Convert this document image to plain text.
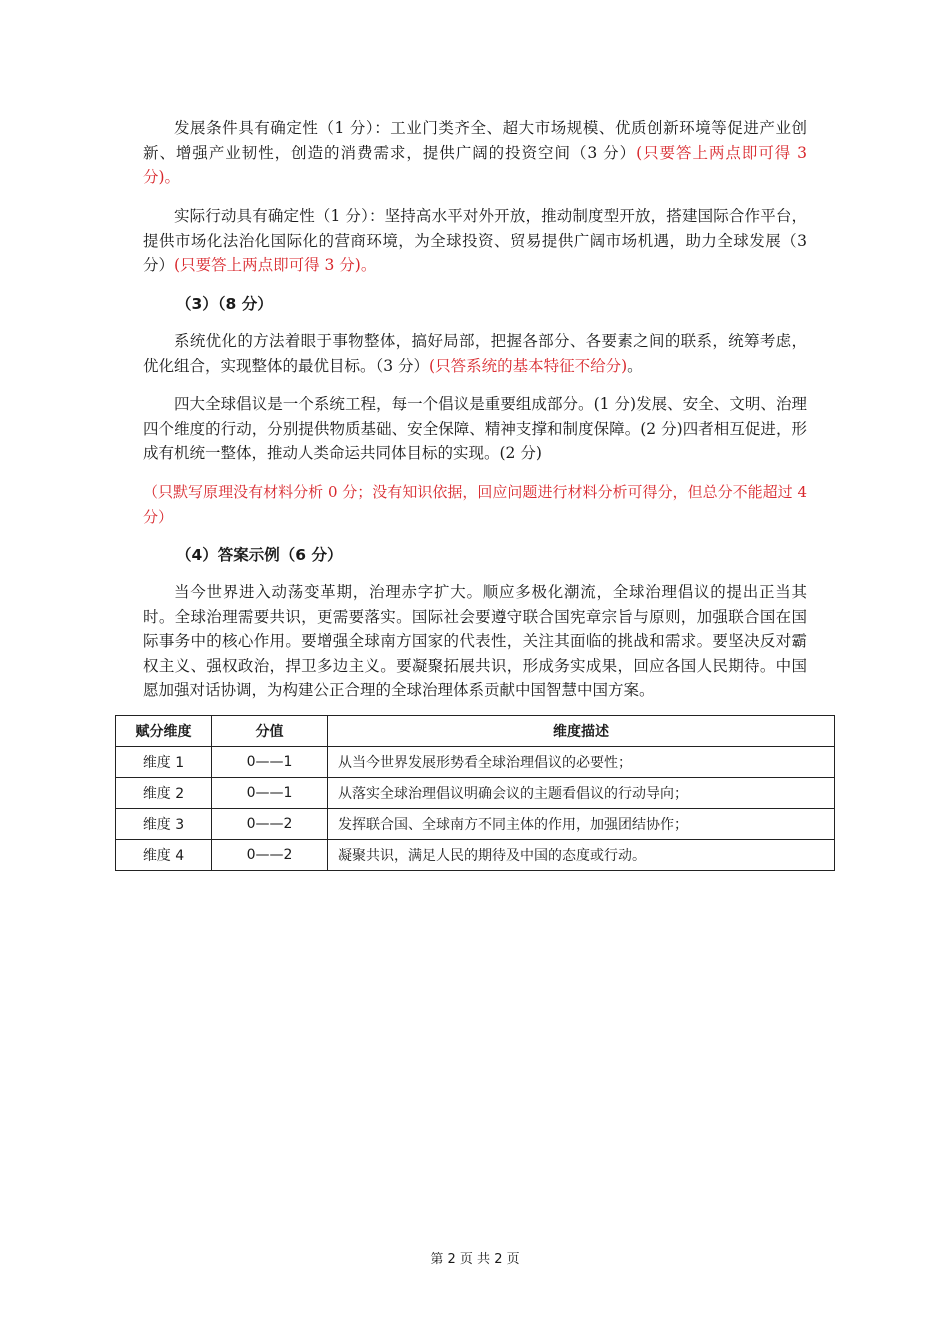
发展条件具有确定性（1 分）：工业门类齐全、超大市场规模、优质创新环境等促进产业创新、增强产业韧性，创造的消费需求，提供广阔的投资空间（3 分）(只要答上两点即可得 3 分)。

实际行动具有确定性（1 分）：坚持高水平对外开放，推动制度型开放，搭建国际合作平台，提供市场化法治化国际化的营商环境，为全球投资、贸易提供广阔市场机遇，助力全球发展（3 分）(只要答上两点即可得 3 分)。

（3）（8 分）

系统优化的方法着眼于事物整体，搞好局部，把握各部分、各要素之间的联系，统筹考虑，优化组合，实现整体的最优目标。（3 分）(只答系统的基本特征不给分)。

四大全球倡议是一个系统工程，每一个倡议是重要组成部分。(1 分)发展、安全、文明、治理四个维度的行动，分别提供物质基础、安全保障、精神支撑和制度保障。(2 分)四者相互促进，形成有机统一整体，推动人类命运共同体目标的实现。(2 分)

（只默写原理没有材料分析 0 分；没有知识依据，回应问题进行材料分析可得分，但总分不能超过 4 分）

（4）答案示例（6 分）

当今世界进入动荡变革期，治理赤字扩大。顺应多极化潮流，全球治理倡议的提出正当其时。全球治理需要共识，更需要落实。国际社会要遵守联合国宪章宗旨与原则，加强联合国在国际事务中的核心作用。要增强全球南方国家的代表性，关注其面临的挑战和需求。要坚决反对霸权主义、强权政治，捍卫多边主义。要凝聚拓展共识，形成务实成果，回应各国人民期待。中国愿加强对话协调，为构建公正合理的全球治理体系贡献中国智慧中国方案。

赋分维度	分值	维度描述
维度 1	0——1	从当今世界发展形势看全球治理倡议的必要性；
维度 2	0——1	从落实全球治理倡议明确会议的主题看倡议的行动导向；
维度 3	0——2	发挥联合国、全球南方不同主体的作用，加强团结协作；
维度 4	0——2	凝聚共识，满足人民的期待及中国的态度或行动。
第 2 页 共 2 页
